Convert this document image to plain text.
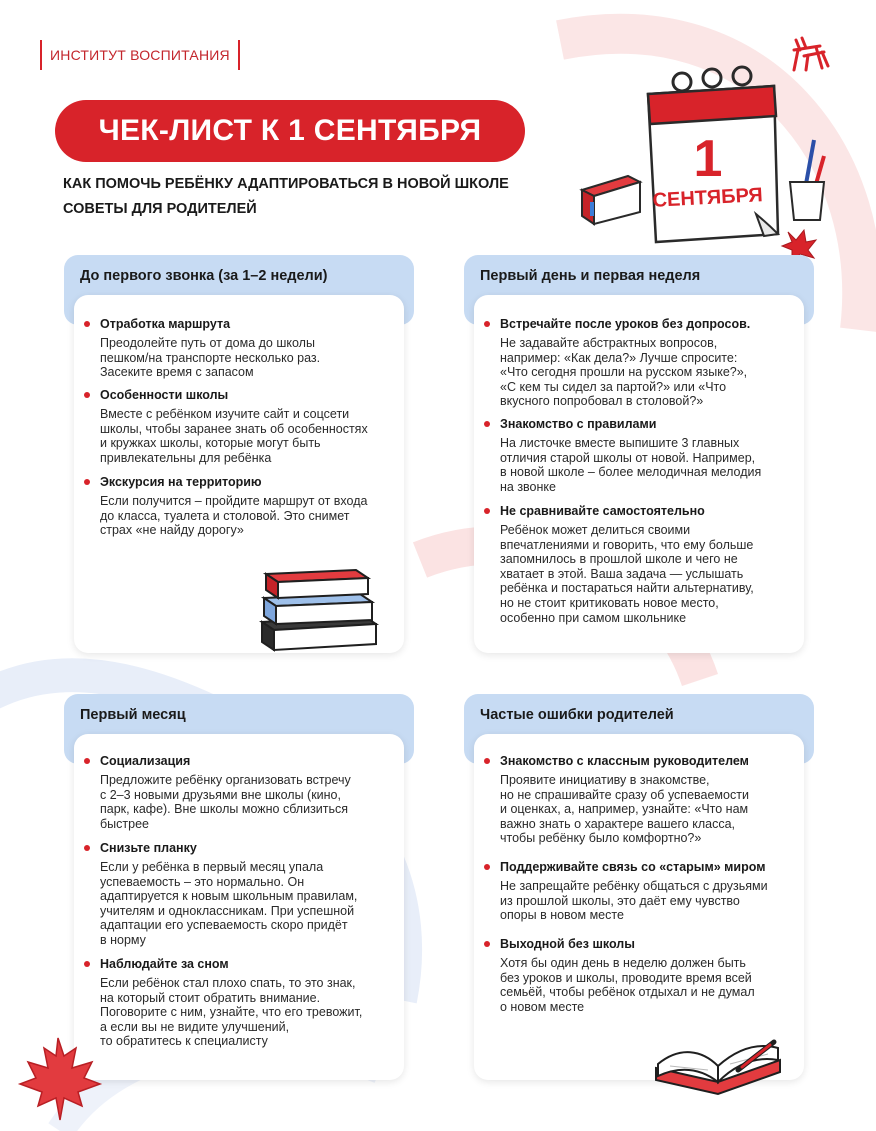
ИНСТИТУТ ВОСПИТАНИЯ
ЧЕК-ЛИСТ К 1 СЕНТЯБРЯ
КАК ПОМОЧЬ РЕБЁНКУ АДАПТИРОВАТЬСЯ В НОВОЙ ШКОЛЕ
СОВЕТЫ ДЛЯ РОДИТЕЛЕЙ
1
СЕНТЯБРЯ
До первого звонка (за 1–2 недели)
Отработка маршрута
Преодолейте путь от дома до школы
пешком/на транспорте несколько раз.
Засеките время с запасом
Особенности школы
Вместе с ребёнком изучите сайт и соцсети
школы, чтобы заранее знать об особенностях
и кружках школы, которые могут быть
привлекательны для ребёнка
Экскурсия на территорию
Если получится – пройдите маршрут от входа
до класса, туалета и столовой. Это снимет
страх «не найду дорогу»
Первый день и первая неделя
Встречайте после уроков без допросов.
Не задавайте абстрактных вопросов,
например: «Как дела?» Лучше спросите:
«Что сегодня прошли на русском языке?»,
«С кем ты сидел за партой?» или «Что
вкусного попробовал в столовой?»
Знакомство с правилами
На листочке вместе выпишите 3 главных
отличия старой школы от новой. Например,
в новой школе – более мелодичная мелодия
на звонке
Не сравнивайте самостоятельно
Ребёнок может делиться своими
впечатлениями и говорить, что ему больше
запомнилось в прошлой школе и чего не
хватает в этой. Ваша задача — услышать
ребёнка и постараться найти альтернативу,
но не стоит критиковать новое место,
особенно при самом школьнике
Первый месяц
Социализация
Предложите ребёнку организовать встречу
с 2–3 новыми друзьями вне школы (кино,
парк, кафе). Вне школы можно сблизиться
быстрее
Снизьте планку
Если у ребёнка в первый месяц упала
успеваемость – это нормально. Он
адаптируется к новым школьным правилам,
учителям и одноклассникам. При успешной
адаптации его успеваемость скоро придёт
в норму
Наблюдайте за сном
Если ребёнок стал плохо спать, то это знак,
на который стоит обратить внимание.
Поговорите с ним, узнайте, что его тревожит,
а если вы не видите улучшений,
то обратитесь к специалисту
Частые ошибки родителей
Знакомство с классным руководителем
Проявите инициативу в знакомстве,
но не спрашивайте сразу об успеваемости
и оценках, а, например, узнайте: «Что нам
важно знать о характере вашего класса,
чтобы ребёнку было комфортно?»
Поддерживайте связь со «старым» миром
Не запрещайте ребёнку общаться с друзьями
из прошлой школы, это даёт ему чувство
опоры в новом месте
Выходной без школы
Хотя бы один день в неделю должен быть
без уроков и школы, проводите время всей
семьёй, чтобы ребёнок отдыхал и не думал
о новом месте
